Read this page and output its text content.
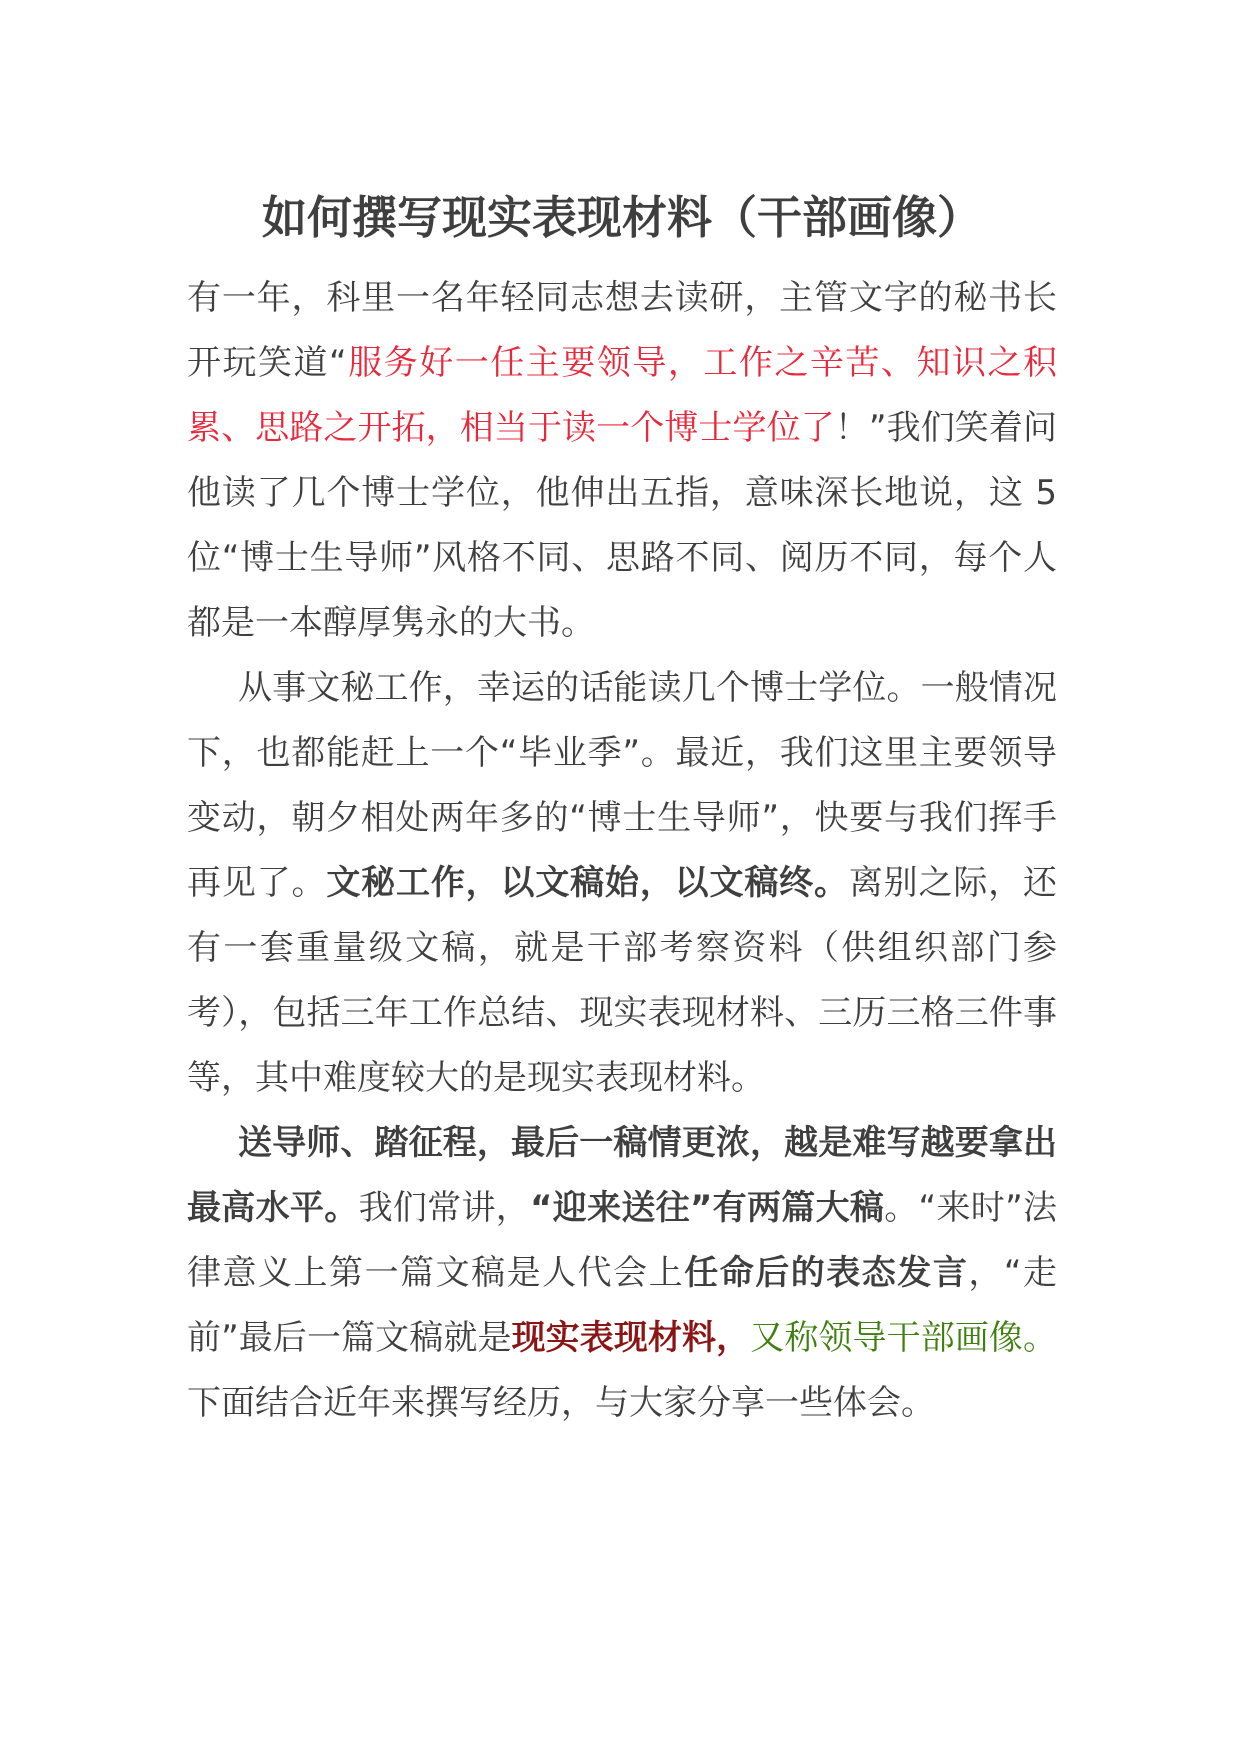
如何撰写现实表现材料（干部画像）

有一年，科里一名年轻同志想去读研，主管文字的秘书长开玩笑道“服务好一任主要领导，工作之辛苦、知识之积累、思路之开拓，相当于读一个博士学位了！”我们笑着问他读了几个博士学位，他伸出五指，意味深长地说，这 5 位“博士生导师”风格不同、思路不同、阅历不同，每个人都是一本醇厚隽永的大书。

从事文秘工作，幸运的话能读几个博士学位。一般情况下，也都能赶上一个“毕业季”。最近，我们这里主要领导变动，朝夕相处两年多的“博士生导师”，快要与我们挥手再见了。文秘工作，以文稿始，以文稿终。离别之际，还有一套重量级文稿，就是干部考察资料（供组织部门参考），包括三年工作总结、现实表现材料、三历三格三件事等，其中难度较大的是现实表现材料。

送导师、踏征程，最后一稿情更浓，越是难写越要拿出最高水平。我们常讲，“迎来送往”有两篇大稿。“来时”法律意义上第一篇文稿是人代会上任命后的表态发言，“走前”最后一篇文稿就是现实表现材料，又称领导干部画像。下面结合近年来撰写经历，与大家分享一些体会。
